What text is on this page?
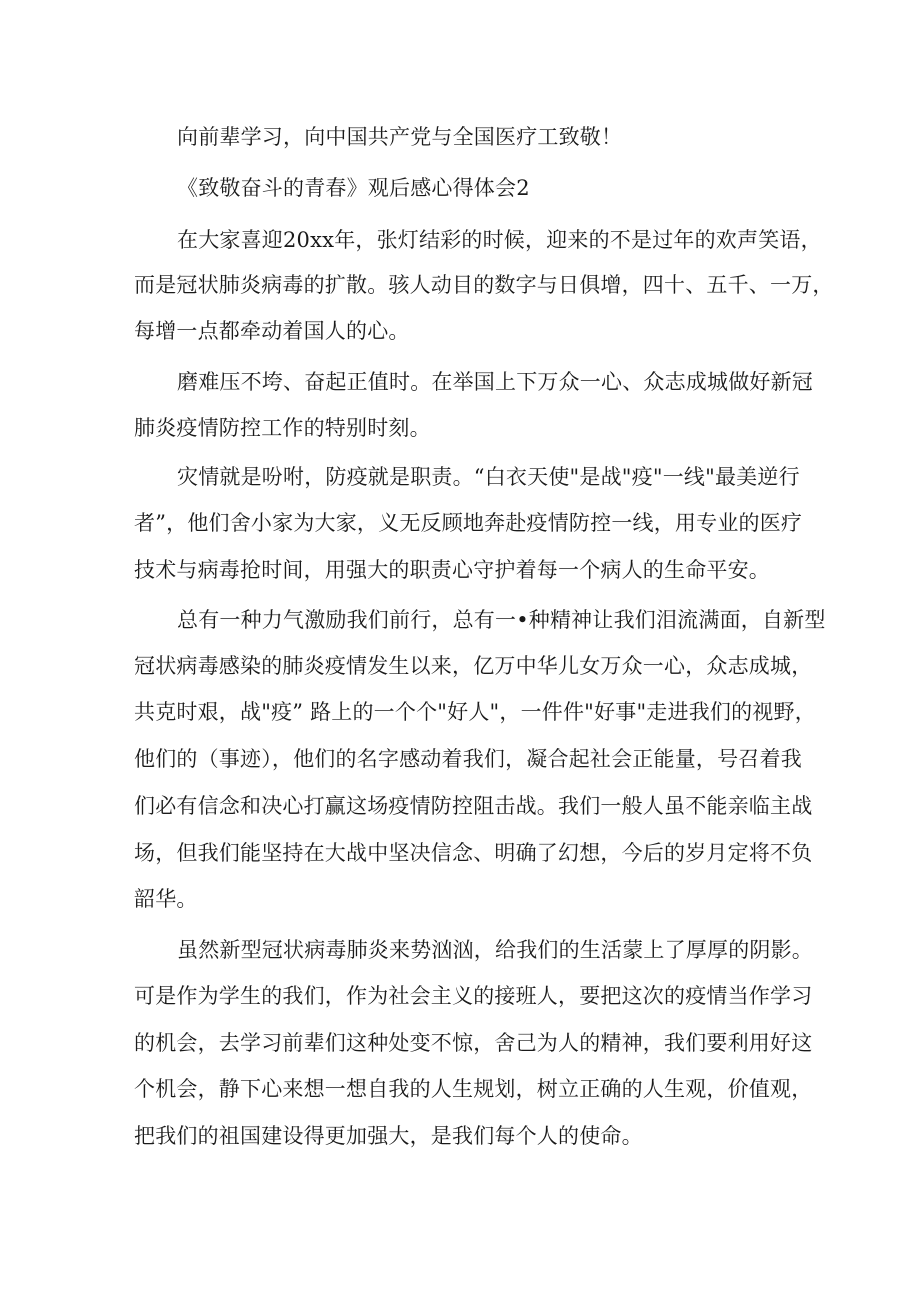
向前辈学习，向中国共产党与全国医疗工致敬！
《致敬奋斗的青春》观后感心得体会2
在大家喜迎20xx年，张灯结彩的时候，迎来的不是过年的欢声笑语，
而是冠状肺炎病毒的扩散。骇人动目的数字与日俱增，四十、五千、一万，
每增一点都牵动着国人的心。
磨难压不垮、奋起正值时。在举国上下万众一心、众志成城做好新冠
肺炎疫情防控工作的特别时刻。
灾情就是吩咐，防疫就是职责。“白衣天使"是战"疫"一线"最美逆行
者”，他们舍小家为大家，义无反顾地奔赴疫情防控一线，用专业的医疗
技术与病毒抢时间，用强大的职责心守护着每一个病人的生命平安。
总有一种力气激励我们前行，总有一•种精神让我们泪流满面，自新型
冠状病毒感染的肺炎疫情发生以来，亿万中华儿女万众一心，众志成城，
共克时艰，战"疫” 路上的一个个"好人"，一件件"好事"走进我们的视野，
他们的（事迹），他们的名字感动着我们，凝合起社会正能量，号召着我
们必有信念和决心打赢这场疫情防控阻击战。我们一般人虽不能亲临主战
场，但我们能坚持在大战中坚决信念、明确了幻想，今后的岁月定将不负
韶华。
虽然新型冠状病毒肺炎来势汹汹，给我们的生活蒙上了厚厚的阴影。
可是作为学生的我们，作为社会主义的接班人，要把这次的疫情当作学习
的机会，去学习前辈们这种处变不惊，舍己为人的精神，我们要利用好这
个机会，静下心来想一想自我的人生规划，树立正确的人生观，价值观，
把我们的祖国建设得更加强大，是我们每个人的使命。
